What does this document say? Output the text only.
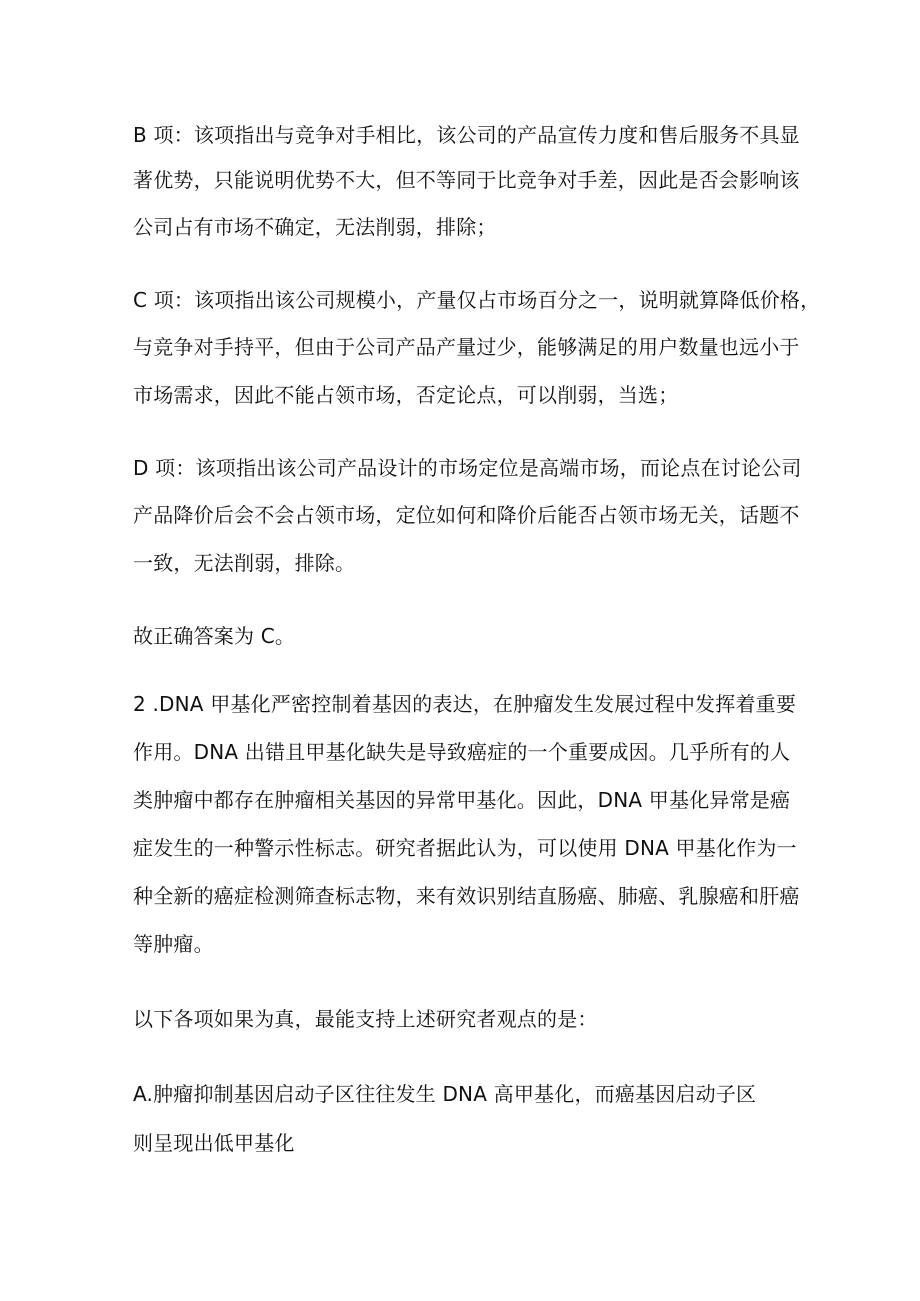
B 项：该项指出与竞争对手相比，该公司的产品宣传力度和售后服务不具显
著优势，只能说明优势不大，但不等同于比竞争对手差，因此是否会影响该
公司占有市场不确定，无法削弱，排除；
C 项：该项指出该公司规模小，产量仅占市场百分之一，说明就算降低价格，
与竞争对手持平，但由于公司产品产量过少，能够满足的用户数量也远小于
市场需求，因此不能占领市场，否定论点，可以削弱，当选；
D 项：该项指出该公司产品设计的市场定位是高端市场，而论点在讨论公司
产品降价后会不会占领市场，定位如何和降价后能否占领市场无关，话题不
一致，无法削弱，排除。
故正确答案为 C。
2 .DNA 甲基化严密控制着基因的表达，在肿瘤发生发展过程中发挥着重要
作用。DNA 出错且甲基化缺失是导致癌症的一个重要成因。几乎所有的人
类肿瘤中都存在肿瘤相关基因的异常甲基化。因此，DNA 甲基化异常是癌
症发生的一种警示性标志。研究者据此认为，可以使用 DNA 甲基化作为一
种全新的癌症检测筛查标志物，来有效识别结直肠癌、肺癌、乳腺癌和肝癌
等肿瘤。
以下各项如果为真，最能支持上述研究者观点的是：
A.肿瘤抑制基因启动子区往往发生 DNA 高甲基化，而癌基因启动子区
则呈现出低甲基化
